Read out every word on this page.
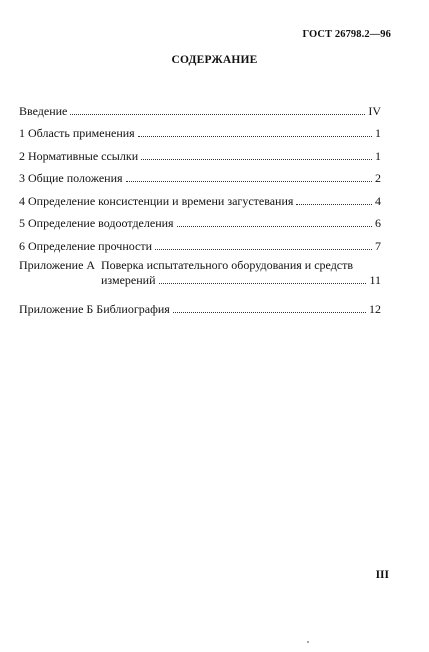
ГОСТ 26798.2—96
СОДЕРЖАНИЕ
Введение	IV
1 Область применения	1
2 Нормативные ссылки	1
3 Общие положения	2
4 Определение консистенции и времени загустевания	4
5 Определение водоотделения	6
6 Определение прочности	7
Приложение А Поверка испытательного оборудования и средств
измерений	11
Приложение Б Библиография	12
III
